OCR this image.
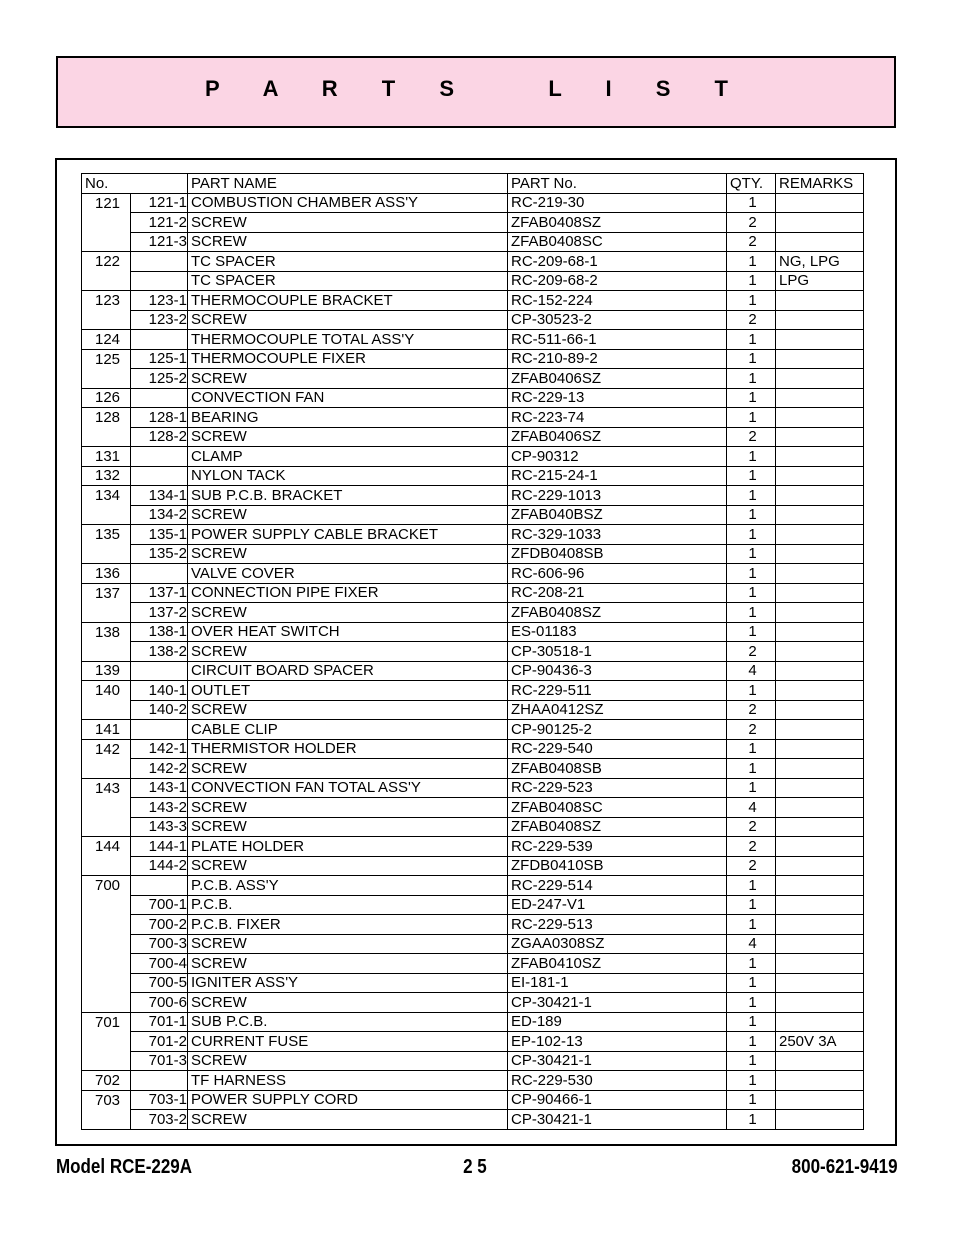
P A R T S   L I S T
No.		PART NAME	PART No.	QTY.	REMARKS
121	121-1	COMBUSTION CHAMBER ASS'Y	RC-219-30	1	
	121-2	SCREW	ZFAB0408SZ	2	
	121-3	SCREW	ZFAB0408SC	2	
122		TC SPACER	RC-209-68-1	1	NG, LPG
		TC SPACER	RC-209-68-2	1	LPG
123	123-1	THERMOCOUPLE BRACKET	RC-152-224	1	
	123-2	SCREW	CP-30523-2	2	
124		THERMOCOUPLE TOTAL ASS'Y	RC-511-66-1	1	
125	125-1	THERMOCOUPLE FIXER	RC-210-89-2	1	
	125-2	SCREW	ZFAB0406SZ	1	
126		CONVECTION FAN	RC-229-13	1	
128	128-1	BEARING	RC-223-74	1	
	128-2	SCREW	ZFAB0406SZ	2	
131		CLAMP	CP-90312	1	
132		NYLON TACK	RC-215-24-1	1	
134	134-1	SUB P.C.B. BRACKET	RC-229-1013	1	
	134-2	SCREW	ZFAB040BSZ	1	
135	135-1	POWER SUPPLY CABLE BRACKET	RC-329-1033	1	
	135-2	SCREW	ZFDB0408SB	1	
136		VALVE COVER	RC-606-96	1	
137	137-1	CONNECTION PIPE FIXER	RC-208-21	1	
	137-2	SCREW	ZFAB0408SZ	1	
138	138-1	OVER HEAT SWITCH	ES-01183	1	
	138-2	SCREW	CP-30518-1	2	
139		CIRCUIT BOARD SPACER	CP-90436-3	4	
140	140-1	OUTLET	RC-229-511	1	
	140-2	SCREW	ZHAA0412SZ	2	
141		CABLE CLIP	CP-90125-2	2	
142	142-1	THERMISTOR HOLDER	RC-229-540	1	
	142-2	SCREW	ZFAB0408SB	1	
143	143-1	CONVECTION FAN TOTAL ASS'Y	RC-229-523	1	
	143-2	SCREW	ZFAB0408SC	4	
	143-3	SCREW	ZFAB0408SZ	2	
144	144-1	PLATE HOLDER	RC-229-539	2	
	144-2	SCREW	ZFDB0410SB	2	
700		P.C.B. ASS'Y	RC-229-514	1	
	700-1	P.C.B.	ED-247-V1	1	
	700-2	P.C.B. FIXER	RC-229-513	1	
	700-3	SCREW	ZGAA0308SZ	4	
	700-4	SCREW	ZFAB0410SZ	1	
	700-5	IGNITER ASS'Y	EI-181-1	1	
	700-6	SCREW	CP-30421-1	1	
701	701-1	SUB P.C.B.	ED-189	1	
	701-2	CURRENT FUSE	EP-102-13	1	250V 3A
	701-3	SCREW	CP-30421-1	1	
702		TF HARNESS	RC-229-530	1	
703	703-1	POWER SUPPLY CORD	CP-90466-1	1	
	703-2	SCREW	CP-30421-1	1	
Model RCE-229A	2 5	800-621-9419
